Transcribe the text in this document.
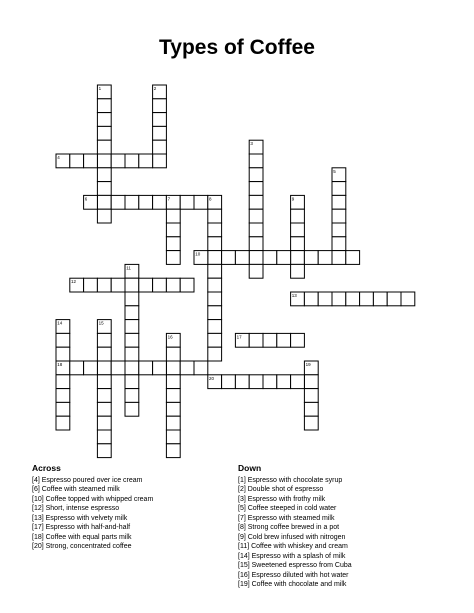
Types of Coffee
1	2
3
4
5
6	7	8	9
10
11
12
13
14	15
16	17
18	19
20
Across
[4] Espresso poured over ice cream
[6] Coffee with steamed milk
[10] Coffee topped with whipped cream
[12] Short, intense espresso
[13] Espresso with velvety milk
[17] Espresso with half-and-half
[18] Coffee with equal parts milk
[20] Strong, concentrated coffee
Down
[1] Espresso with chocolate syrup
[2] Double shot of espresso
[3] Espresso with frothy milk
[5] Coffee steeped in cold water
[7] Espresso with steamed milk
[8] Strong coffee brewed in a pot
[9] Cold brew infused with nitrogen
[11] Coffee with whiskey and cream
[14] Espresso with a splash of milk
[15] Sweetened espresso from Cuba
[16] Espresso diluted with hot water
[19] Coffee with chocolate and milk
